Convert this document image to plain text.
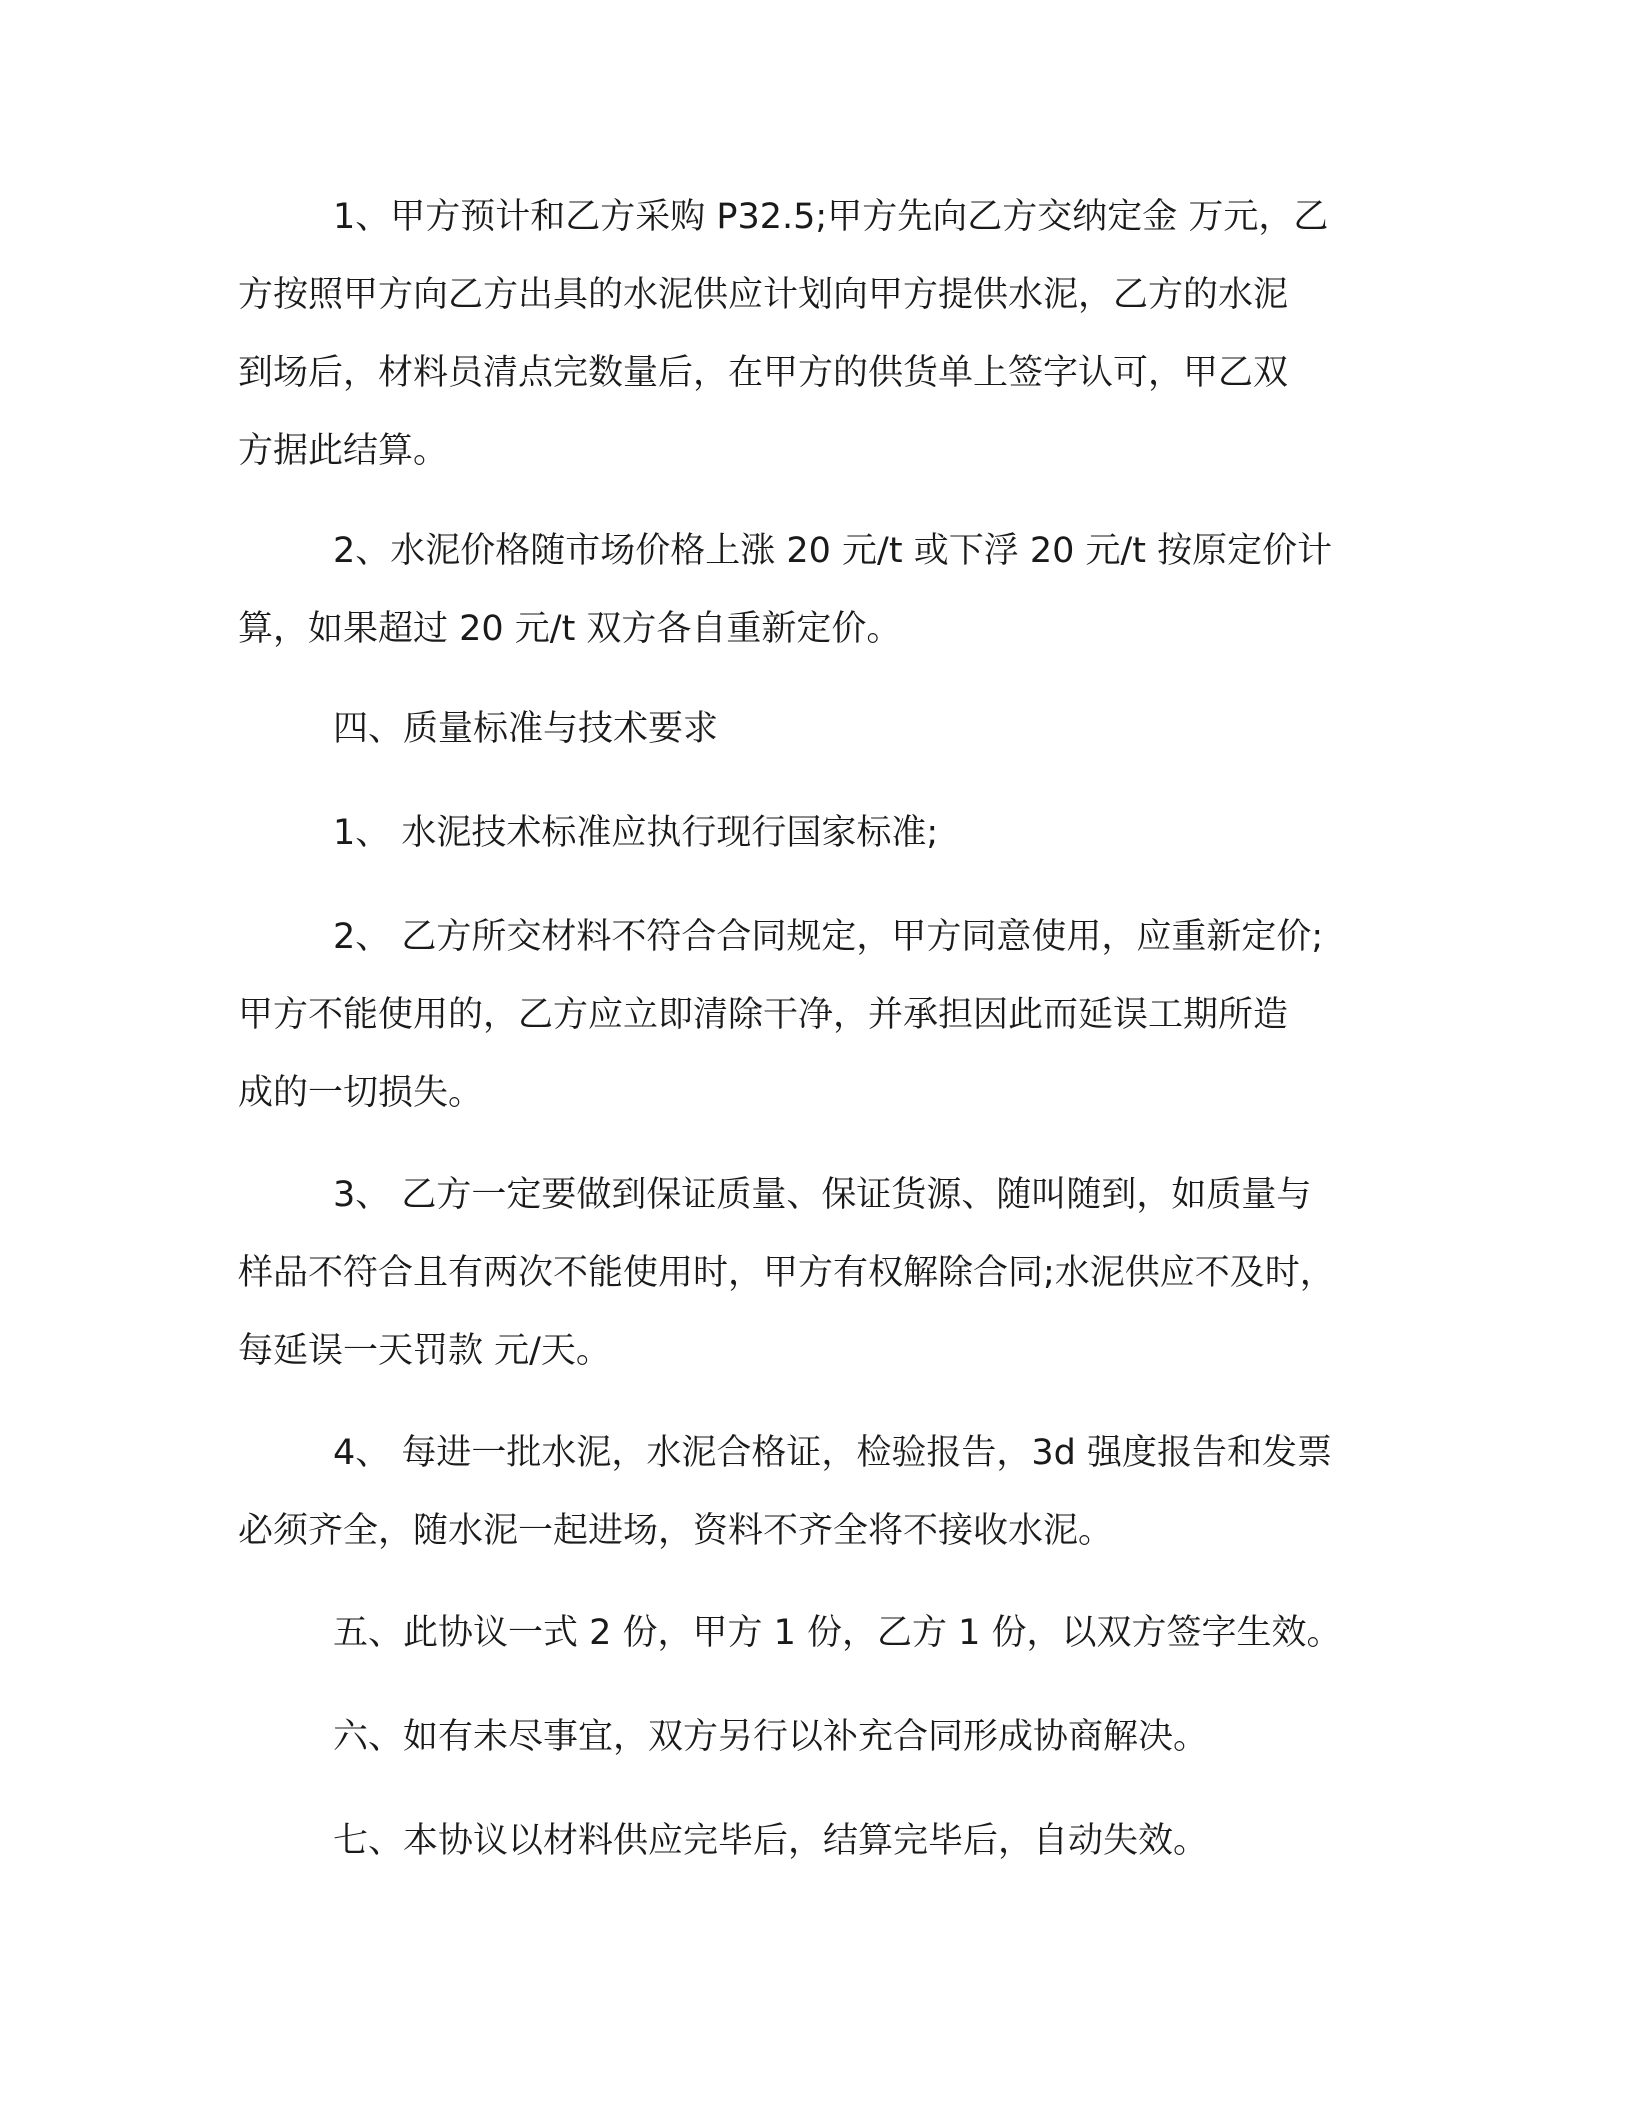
1、甲方预计和乙方采购 P32.5;甲方先向乙方交纳定金 万元，乙
方按照甲方向乙方出具的水泥供应计划向甲方提供水泥，乙方的水泥
到场后，材料员清点完数量后，在甲方的供货单上签字认可，甲乙双
方据此结算。
2、水泥价格随市场价格上涨 20 元/t 或下浮 20 元/t 按原定价计
算，如果超过 20 元/t 双方各自重新定价。
四、质量标准与技术要求
1、 水泥技术标准应执行现行国家标准;
2、 乙方所交材料不符合合同规定，甲方同意使用，应重新定价;
甲方不能使用的，乙方应立即清除干净，并承担因此而延误工期所造
成的一切损失。
3、 乙方一定要做到保证质量、保证货源、随叫随到，如质量与
样品不符合且有两次不能使用时，甲方有权解除合同;水泥供应不及时，
每延误一天罚款 元/天。
4、 每进一批水泥，水泥合格证，检验报告，3d 强度报告和发票
必须齐全，随水泥一起进场，资料不齐全将不接收水泥。
五、此协议一式 2 份，甲方 1 份，乙方 1 份，以双方签字生效。
六、如有未尽事宜，双方另行以补充合同形成协商解决。
七、本协议以材料供应完毕后，结算完毕后，自动失效。
